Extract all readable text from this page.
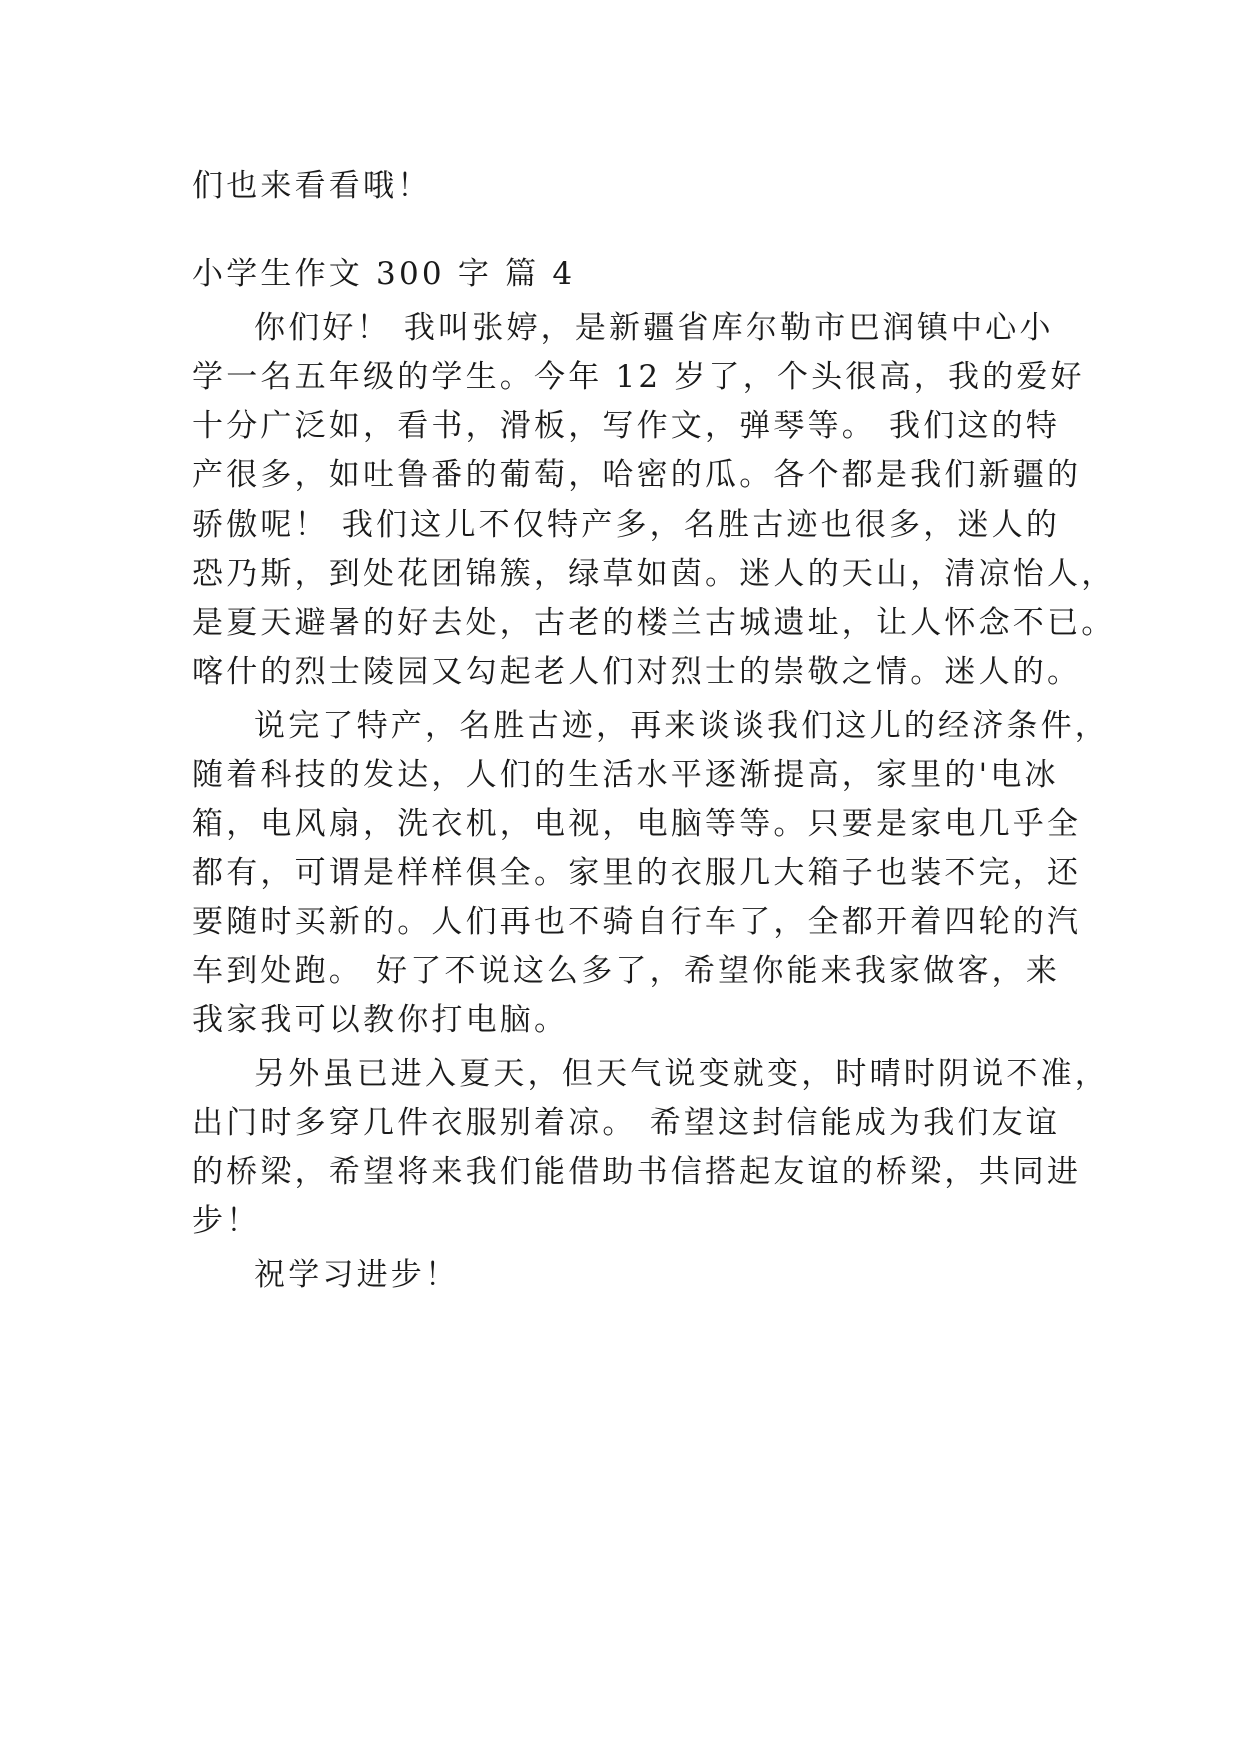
们也来看看哦！
小学生作文 300 字 篇 4
你们好！ 我叫张婷，是新疆省库尔勒市巴润镇中心小
学一名五年级的学生。今年 12 岁了，个头很高，我的爱好
十分广泛如，看书，滑板，写作文，弹琴等。 我们这的特
产很多，如吐鲁番的葡萄，哈密的瓜。各个都是我们新疆的
骄傲呢！ 我们这儿不仅特产多，名胜古迹也很多，迷人的
恐乃斯，到处花团锦簇，绿草如茵。迷人的天山，清凉怡人，
是夏天避暑的好去处，古老的楼兰古城遗址，让人怀念不已。
喀什的烈士陵园又勾起老人们对烈士的崇敬之情。迷人的。
说完了特产，名胜古迹，再来谈谈我们这儿的经济条件，
随着科技的发达，人们的生活水平逐渐提高，家里的'电冰
箱，电风扇，洗衣机，电视，电脑等等。只要是家电几乎全
都有，可谓是样样俱全。家里的衣服几大箱子也装不完，还
要随时买新的。人们再也不骑自行车了，全都开着四轮的汽
车到处跑。 好了不说这么多了，希望你能来我家做客，来
我家我可以教你打电脑。
另外虽已进入夏天，但天气说变就变，时晴时阴说不准，
出门时多穿几件衣服别着凉。 希望这封信能成为我们友谊
的桥梁，希望将来我们能借助书信搭起友谊的桥梁，共同进
步！
祝学习进步！
